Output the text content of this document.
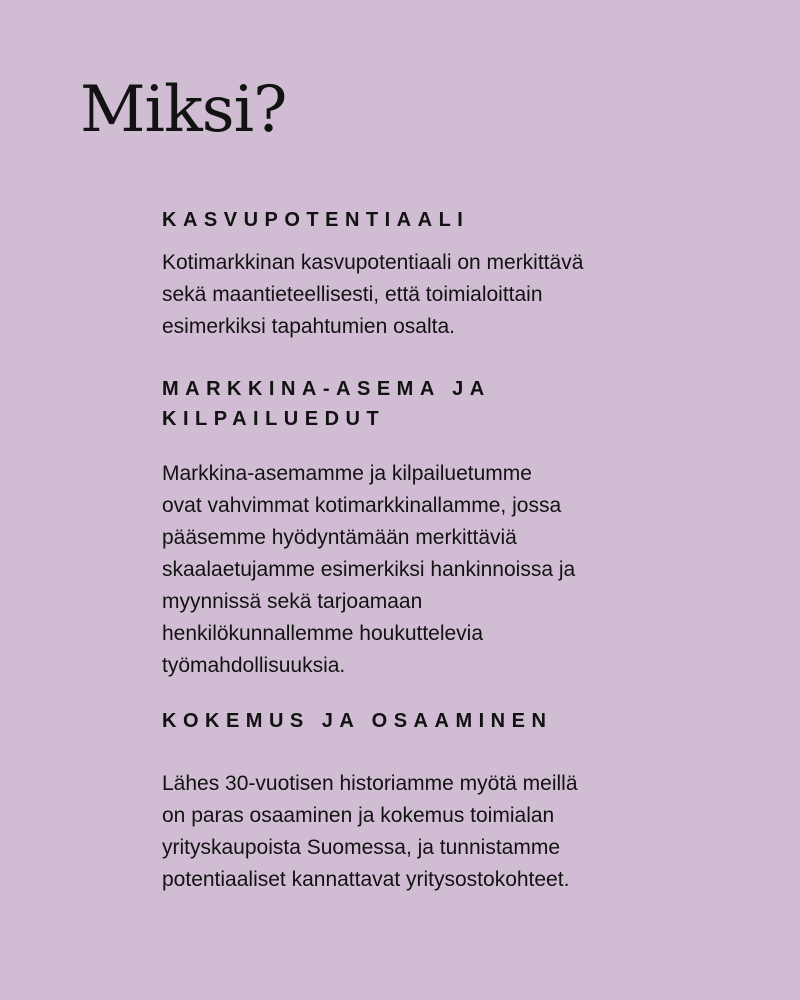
Miksi?
KASVUPOTENTIAALI

Kotimarkkinan kasvupotentiaali on merkittävä
sekä maantieteellisesti, että toimialoittain
esimerkiksi tapahtumien osalta.

MARKKINA-ASEMA JA
KILPAILUEDUT

Markkina-asemamme ja kilpailuetumme
ovat vahvimmat kotimarkkinallamme, jossa
pääsemme hyödyntämään merkittäviä
skaalaetujamme esimerkiksi hankinnoissa ja
myynnissä sekä tarjoamaan
henkilökunnallemme houkuttelevia
työmahdollisuuksia.

KOKEMUS JA OSAAMINEN

Lähes 30-vuotisen historiamme myötä meillä
on paras osaaminen ja kokemus toimialan
yrityskaupoista Suomessa, ja tunnistamme
potentiaaliset kannattavat yritysostokohteet.
